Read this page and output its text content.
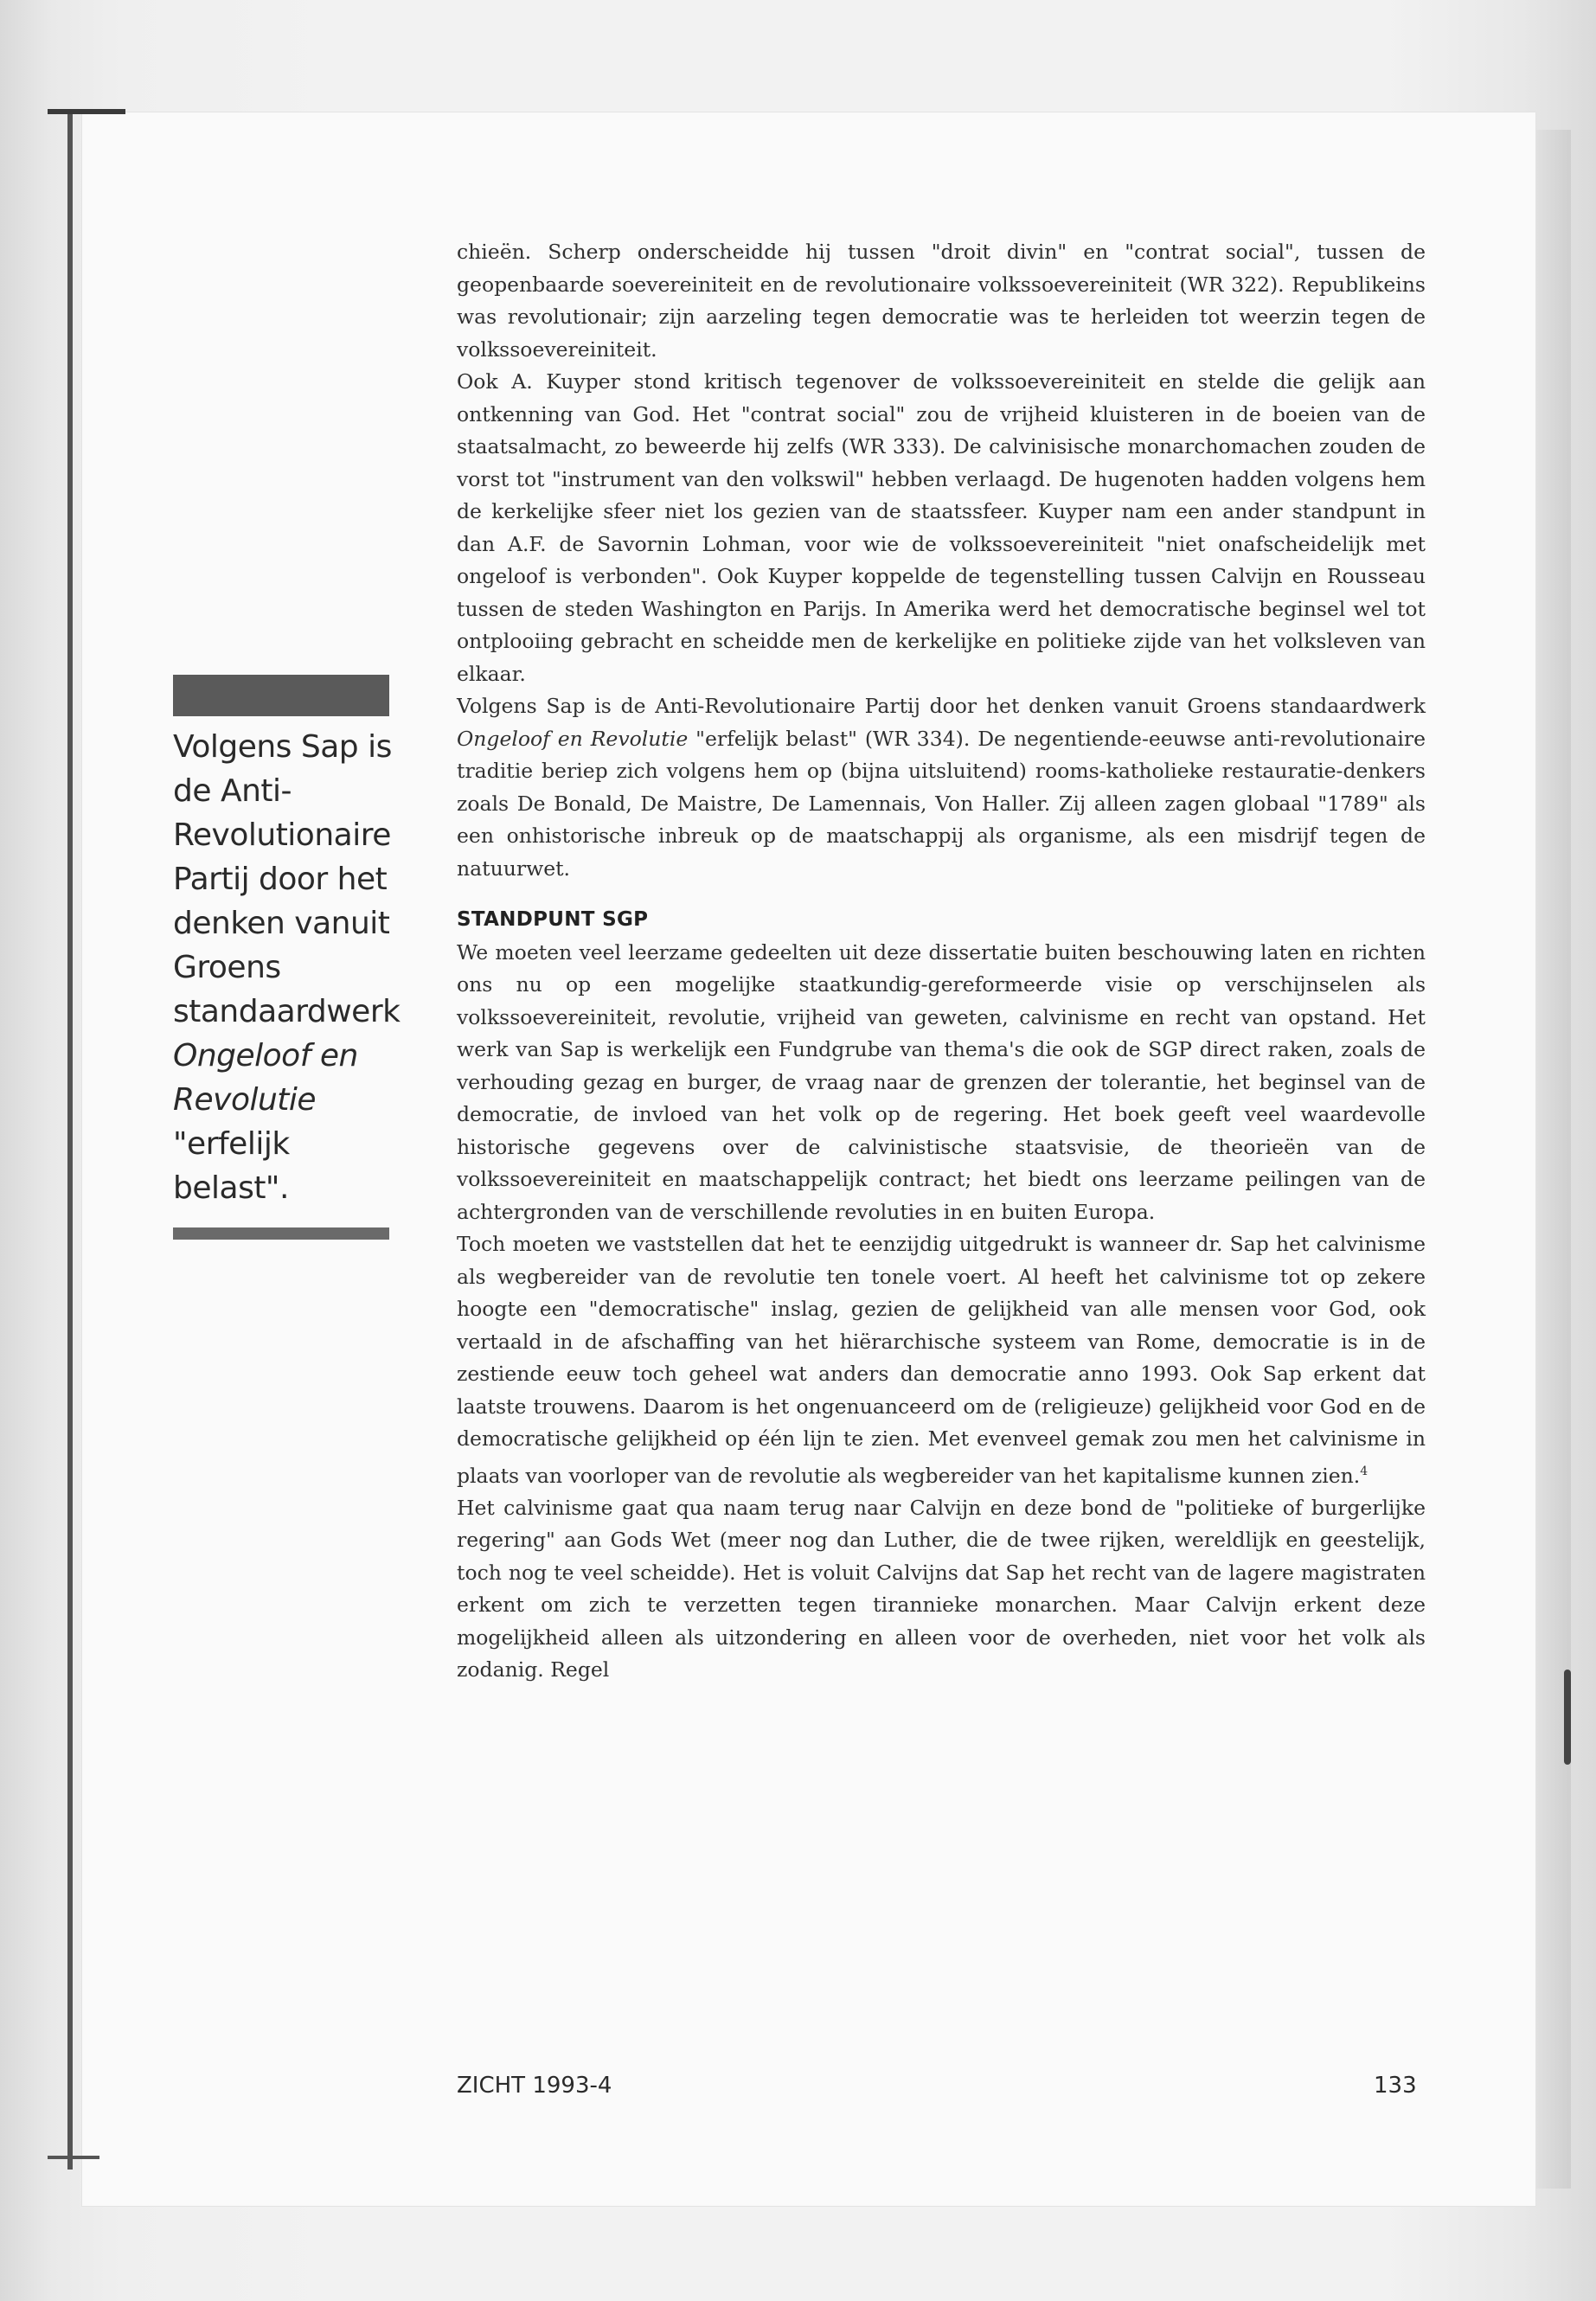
Volgens Sap is de Anti-Revolutionaire Partij door het denken vanuit Groens standaardwerk Ongeloof en Revolutie "erfelijk belast".

chieën. Scherp onderscheidde hij tussen "droit divin" en "contrat social", tussen de geopenbaarde soevereiniteit en de revolutionaire volkssoevereiniteit (WR 322). Republikeins was revolutionair; zijn aarzeling tegen democratie was te herleiden tot weerzin tegen de volkssoevereiniteit.

Ook A. Kuyper stond kritisch tegenover de volkssoevereiniteit en stelde die gelijk aan ontkenning van God. Het "contrat social" zou de vrijheid kluisteren in de boeien van de staatsalmacht, zo beweerde hij zelfs (WR 333). De calvinisische monarchomachen zouden de vorst tot "instrument van den volkswil" hebben verlaagd. De hugenoten hadden volgens hem de kerkelijke sfeer niet los gezien van de staatssfeer. Kuyper nam een ander standpunt in dan A.F. de Savornin Lohman, voor wie de volkssoevereiniteit "niet onafscheidelijk met ongeloof is verbonden". Ook Kuyper koppelde de tegenstelling tussen Calvijn en Rousseau tussen de steden Washington en Parijs. In Amerika werd het democratische beginsel wel tot ontplooiing gebracht en scheidde men de kerkelijke en politieke zijde van het volksleven van elkaar.

Volgens Sap is de Anti-Revolutionaire Partij door het denken vanuit Groens standaardwerk Ongeloof en Revolutie "erfelijk belast" (WR 334). De negentiende-eeuwse anti-revolutionaire traditie beriep zich volgens hem op (bijna uitsluitend) rooms-katholieke restauratie-denkers zoals De Bonald, De Maistre, De Lamennais, Von Haller. Zij alleen zagen globaal "1789" als een onhistorische inbreuk op de maatschappij als organisme, als een misdrijf tegen de natuurwet.

STANDPUNT SGP

We moeten veel leerzame gedeelten uit deze dissertatie buiten beschouwing laten en richten ons nu op een mogelijke staatkundig-gereformeerde visie op verschijnselen als volkssoevereiniteit, revolutie, vrijheid van geweten, calvinisme en recht van opstand. Het werk van Sap is werkelijk een Fundgrube van thema's die ook de SGP direct raken, zoals de verhouding gezag en burger, de vraag naar de grenzen der tolerantie, het beginsel van de democratie, de invloed van het volk op de regering. Het boek geeft veel waardevolle historische gegevens over de calvinistische staatsvisie, de theorieën van de volkssoevereiniteit en maatschappelijk contract; het biedt ons leerzame peilingen van de achtergronden van de verschillende revoluties in en buiten Europa.

Toch moeten we vaststellen dat het te eenzijdig uitgedrukt is wanneer dr. Sap het calvinisme als wegbereider van de revolutie ten tonele voert. Al heeft het calvinisme tot op zekere hoogte een "democratische" inslag, gezien de gelijkheid van alle mensen voor God, ook vertaald in de afschaffing van het hiërarchische systeem van Rome, democratie is in de zestiende eeuw toch geheel wat anders dan democratie anno 1993. Ook Sap erkent dat laatste trouwens. Daarom is het ongenuanceerd om de (religieuze) gelijkheid voor God en de democratische gelijkheid op één lijn te zien. Met evenveel gemak zou men het calvinisme in plaats van voorloper van de revolutie als wegbereider van het kapitalisme kunnen zien.$^4$

Het calvinisme gaat qua naam terug naar Calvijn en deze bond de "politieke of burgerlijke regering" aan Gods Wet (meer nog dan Luther, die de twee rijken, wereldlijk en geestelijk, toch nog te veel scheidde). Het is voluit Calvijns dat Sap het recht van de lagere magistraten erkent om zich te verzetten tegen tirannieke monarchen. Maar Calvijn erkent deze mogelijkheid alleen als uitzondering en alleen voor de overheden, niet voor het volk als zodanig. Regel

ZICHT 1993-4	133
